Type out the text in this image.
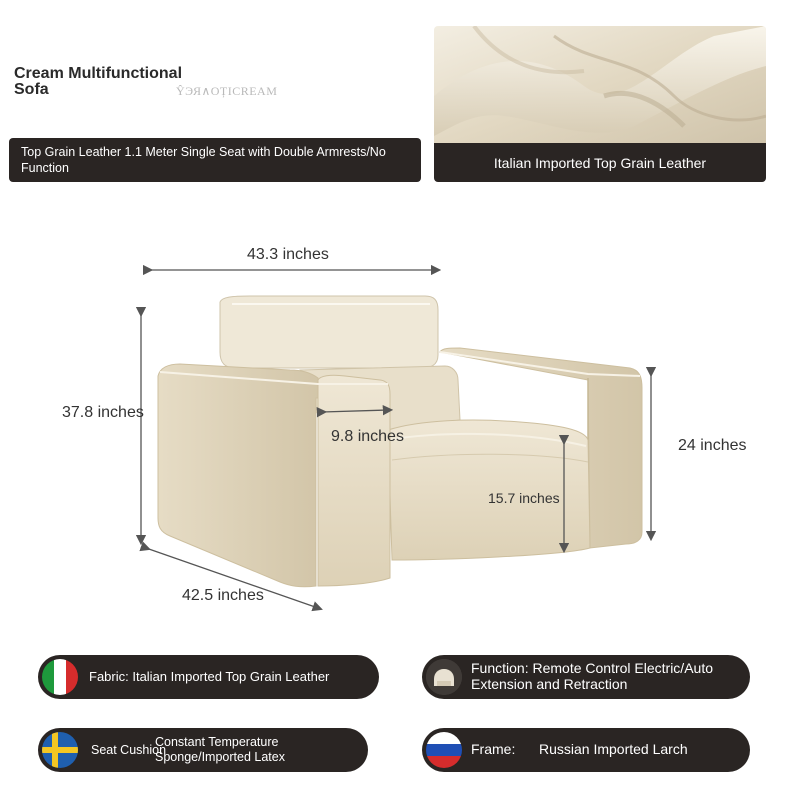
Cream Multifunctional
Sofa	ŶЭЯ∧OȚICREAM
Top Grain Leather 1.1 Meter Single Seat with Double Armrests/No Function	Italian Imported Top Grain Leather
43.3 inches
37.8 inches
9.8 inches
24 inches
15.7 inches
42.5 inches
Fabric: Italian Imported Top Grain Leather
Function: Remote Control Electric/Auto
Extension and Retraction
Seat Cushion
Constant Temperature
Sponge/Imported Latex	Frame: Russian Imported Larch
